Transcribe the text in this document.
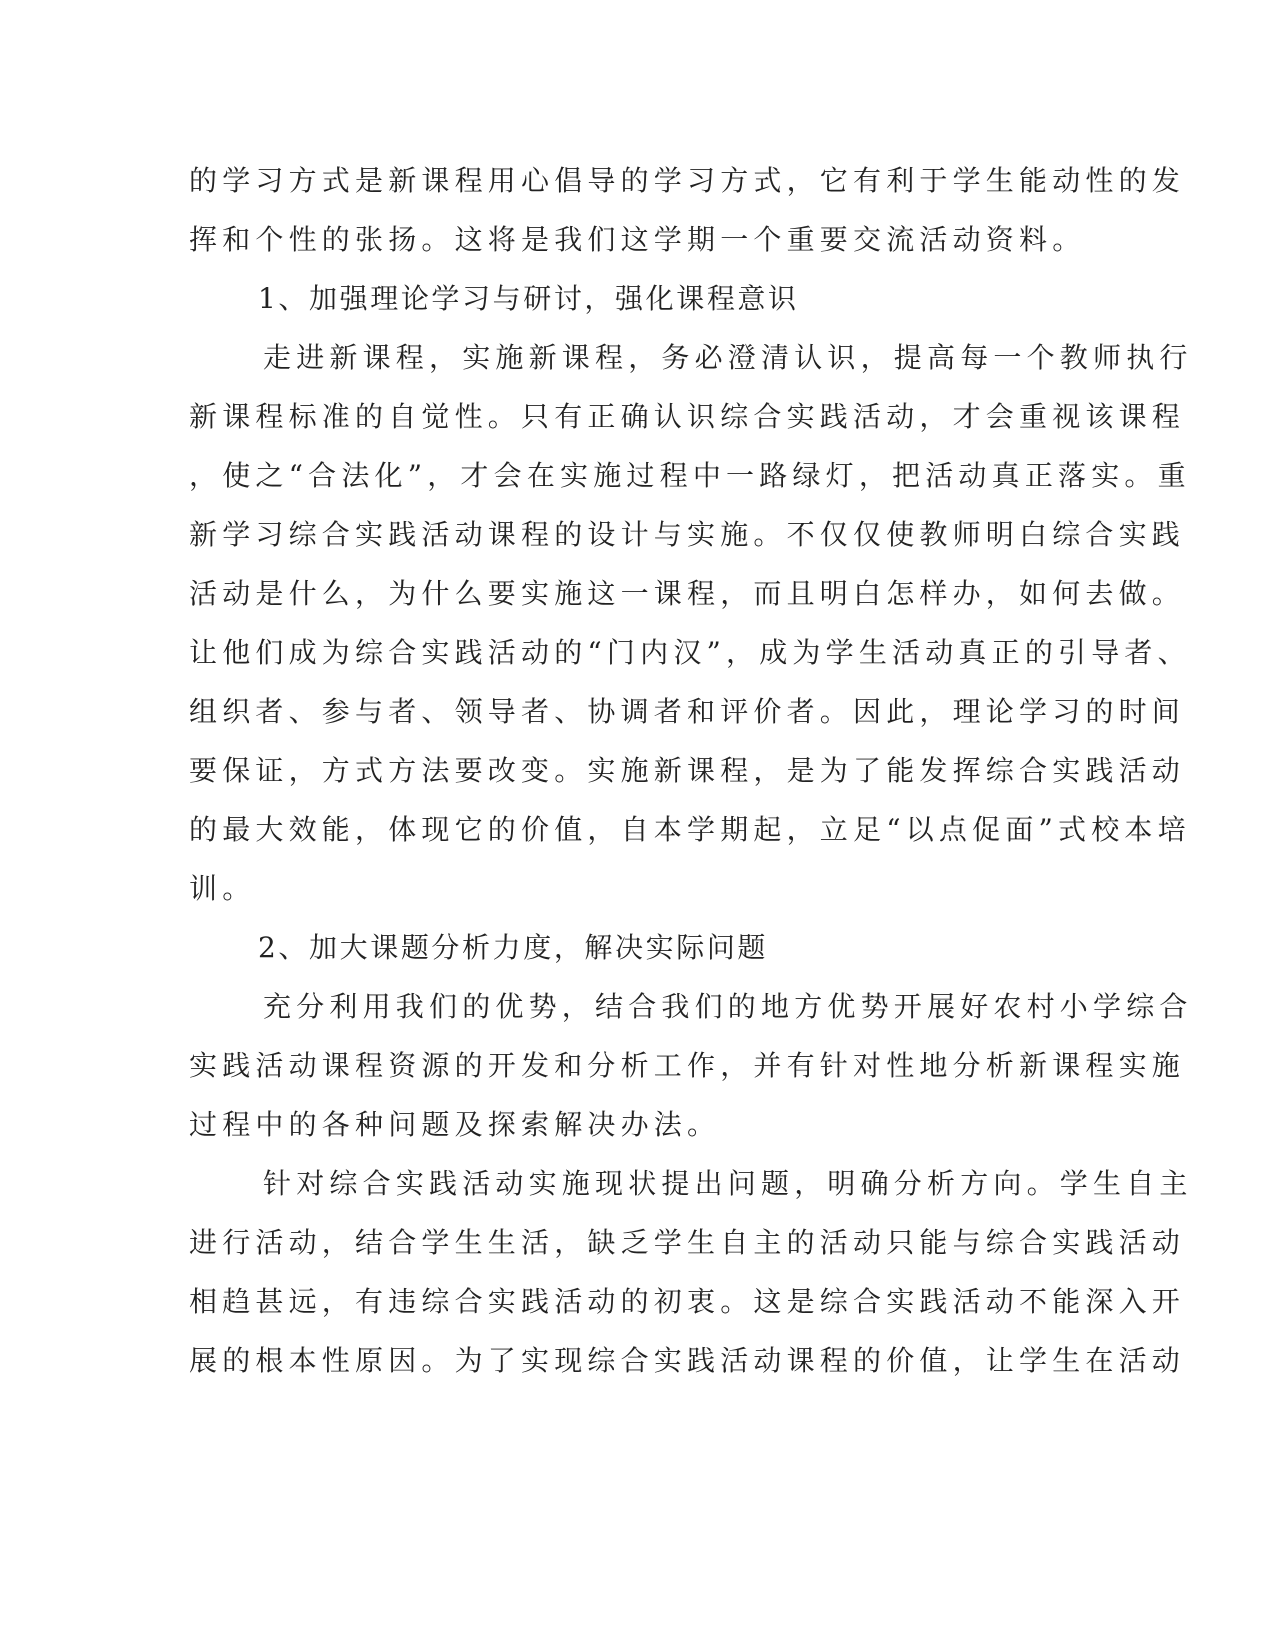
的学习方式是新课程用心倡导的学习方式，它有利于学生能动性的发
挥和个性的张扬。这将是我们这学期一个重要交流活动资料。
1、加强理论学习与研讨，强化课程意识
走进新课程，实施新课程，务必澄清认识，提高每一个教师执行
新课程标准的自觉性。只有正确认识综合实践活动，才会重视该课程
，使之“合法化”，才会在实施过程中一路绿灯，把活动真正落实。重
新学习综合实践活动课程的设计与实施。不仅仅使教师明白综合实践
活动是什么，为什么要实施这一课程，而且明白怎样办，如何去做。
让他们成为综合实践活动的“门内汉”，成为学生活动真正的引导者、
组织者、参与者、领导者、协调者和评价者。因此，理论学习的时间
要保证，方式方法要改变。实施新课程，是为了能发挥综合实践活动
的最大效能，体现它的价值，自本学期起，立足“以点促面”式校本培
训。
2、加大课题分析力度，解决实际问题
充分利用我们的优势，结合我们的地方优势开展好农村小学综合
实践活动课程资源的开发和分析工作，并有针对性地分析新课程实施
过程中的各种问题及探索解决办法。
针对综合实践活动实施现状提出问题，明确分析方向。学生自主
进行活动，结合学生生活，缺乏学生自主的活动只能与综合实践活动
相趋甚远，有违综合实践活动的初衷。这是综合实践活动不能深入开
展的根本性原因。为了实现综合实践活动课程的价值，让学生在活动
